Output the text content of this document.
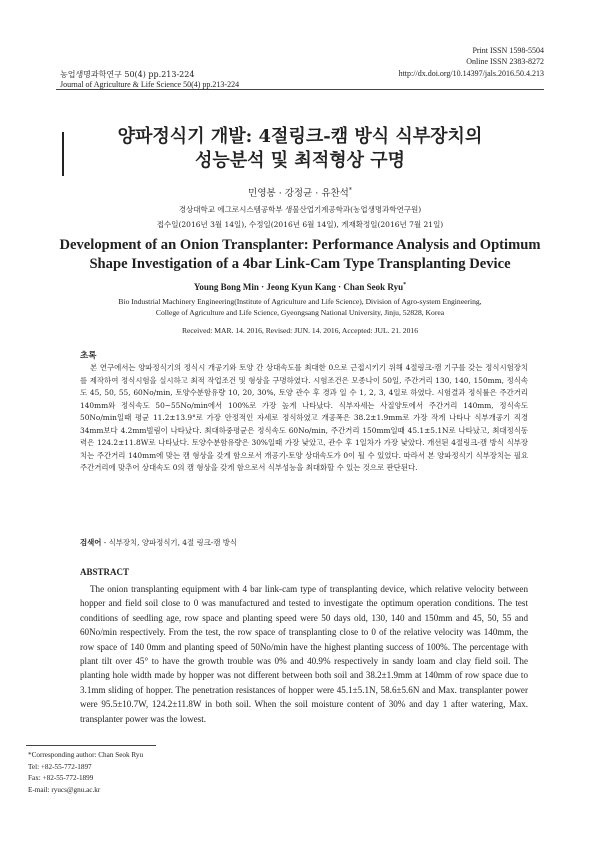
Print ISSN 1598-5504
Online ISSN 2383-8272
농업생명과학연구 50(4) pp.213-224
Journal of Agriculture & Life Science 50(4) pp.213-224
http://dx.doi.org/10.14397/jals.2016.50.4.213
양파정식기 개발: 4절링크-캠 방식 식부장치의
성능분석 및 최적형상 구명
민영봉 · 강정균 · 유찬석*
경상대학교 에그로시스템공학부 생물산업기계공학과(농업생명과학연구원)
접수일(2016년 3월 14일), 수정일(2016년 6월 14일), 게재확정일(2016년 7월 21일)
Development of an Onion Transplanter: Performance Analysis and Optimum
Shape Investigation of a 4bar Link-Cam Type Transplanting Device
Young Bong Min · Jeong Kyun Kang · Chan Seok Ryu*
Bio Industrial Machinery Engineering(Institute of Agriculture and Life Science), Division of Agro-system Engineering,
College of Agriculture and Life Science, Gyeongsang National University, Jinju, 52828, Korea
Received: MAR. 14. 2016, Revised: JUN. 14. 2016, Accepted: JUL. 21. 2016
초록
본 연구에서는 양파정식기의 정식시 개공기와 토양 간 상대속도를 최대한 0으로 근접시키기 위해 4절링크-캠 기구를 갖는 정식시험장치를 제작하여 정식시험을 실시하고 최적 작업조건 및 형상을 구명하였다. 시험조건은 모종나이 50일, 주간거리 130, 140, 150mm, 정식속도 45, 50, 55, 60No/min, 토양수분함유량 10, 20, 30%, 토양 관수 후 경과 일 수 1, 2, 3, 4일로 하였다. 시험결과 정식률은 주간거리 140mm와 정식속도 50~55No/min에서 100%로 가장 높게 나타났다. 식부자세는 사질양토에서 주간거리 140mm, 정식속도 50No/min일때 평균 11.2±13.9°로 가장 안정적인 자세로 정식하였고 개공폭은 38.2±1.9mm로 가장 작게 나타나 식부개공기 직경 34mm보다 4.2mm빌림이 나타났다. 최대하중평균은 정식속도 60No/min, 주간거리 150mm일때 45.1±5.1N로 나타났고, 최대정식동력은 124.2±11.8W로 나타났다. 토양수분함유량은 30%일때 가장 낮았고, 관수 후 1일차가 가장 낮았다. 개선된 4절링크-캠 방식 식부장치는 주간거리 140mm에 맞는 캠 형상을 갖게 함으로서 개공기-토양 상대속도가 0이 될 수 있었다. 따라서 본 양파정식기 식부장치는 필요 주간거리에 맞추어 상대속도 0의 캠 형상을 갖게 함으로서 식부성능을 최대화할 수 있는 것으로 판단된다.
검색어 - 식부장치, 양파정식기, 4절 링크-캠 방식
ABSTRACT
The onion transplanting equipment with 4 bar link-cam type of transplanting device, which relative velocity between hopper and field soil close to 0 was manufactured and tested to investigate the optimum operation conditions. The test conditions of seedling age, row space and planting speed were 50 days old, 130, 140 and 150mm and 45, 50, 55 and 60No/min respectively. From the test, the row space of transplanting close to 0 of the relative velocity was 140mm, the row space of 140 0mm and planting speed of 50No/min have the highest planting success of 100%. The percentage with plant tilt over 45° to have the growth trouble was 0% and 40.9% respectively in sandy loam and clay field soil. The planting hole width made by hopper was not different between both soil and 38.2±1.9mm at 140mm of row space due to 3.1mm sliding of hopper. The penetration resistances of hopper were 45.1±5.1N, 58.6±5.6N and Max. transplanter power were 95.5±10.7W, 124.2±11.8W in both soil. When the soil moisture content of 30% and day 1 after watering, Max. transplanter power was the lowest.
*Corresponding author: Chan Seok Ryu
Tel: +82-55-772-1897
Fax: +82-55-772-1899
E-mail: ryucs@gnu.ac.kr
